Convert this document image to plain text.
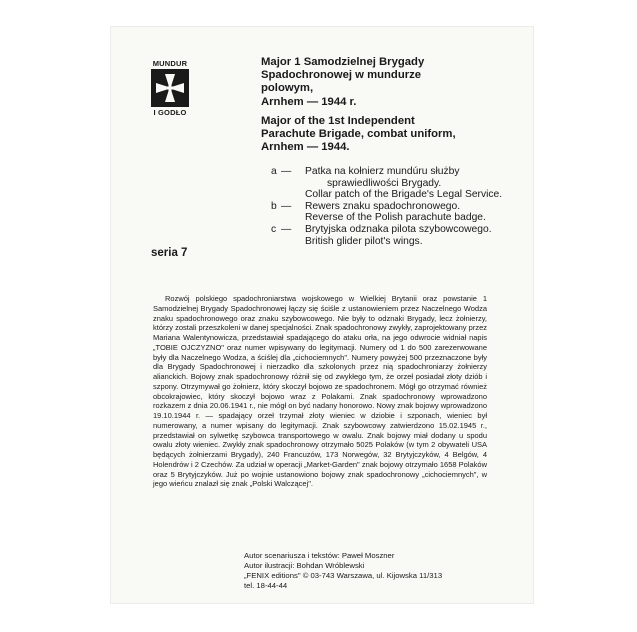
MUNDUR
I GODŁO
Major 1 Samodzielnej Brygady
Spadochronowej w mundurze
polowym,
Arnhem — 1944 r.
Major of the 1st Independent
Parachute Brigade, combat uniform,
Arnhem — 1944.
seria 7
a — Patka na kołnierz mundúru służby sprawiedliwości Brygady.
Collar patch of the Brigade's Legal Service.
b — Rewers znaku spadochronowego.
Reverse of the Polish parachute badge.
c — Brytyjska odznaka pilota szybowcowego.
British glider pilot's wings.

Rozwój polskiego spadochroniarstwa wojskowego w Wielkiej Brytanii oraz powstanie 1 Samodzielnej Brygady Spadochronowej łączy się ściśle z ustanowieniem przez Naczelnego Wodza znaku spadochronowego oraz znaku szybowcowego. Nie były to odznaki Brygady, lecz żołnierzy, którzy zostali przeszkoleni w danej specjalności. Znak spadochronowy zwykły, zaprojektowany przez Mariana Walentynowicza, przedstawiał spadającego do ataku orła, na jego odwrocie widniał napis „TOBIE OJCZYZNO" oraz numer wpisywany do legitymacji. Numery od 1 do 500 zarezerwowane były dla Naczelnego Wodza, a ściślej dla „cichociemnych". Numery powyżej 500 przeznaczone były dla Brygady Spadochronowej i nierzadko dla szkolonych przez nią spadochroniarzy żołnierzy alianckich. Bojowy znak spadochronowy różnił się od zwykłego tym, że orzeł posiadał złoty dziób i szpony. Otrzymywał go żołnierz, który skoczył bojowo ze spadochronem. Mógł go otrzymać również obcokrajowiec, który skoczył bojowo wraz z Polakami. Znak spadochronowy wprowadzono rozkazem z dnia 20.06.1941 r., nie mógł on być nadany honorowo. Nowy znak bojowy wprowadzono 19.10.1944 r. — spadający orzeł trzymał złoty wieniec w dziobie i szponach, wieniec był numerowany, a numer wpisany do legitymacji. Znak szybowcowy zatwierdzono 15.02.1945 r., przedstawiał on sylwetkę szybowca transportowego w owalu. Znak bojowy miał dodany u spodu owalu złoty wieniec. Zwykły znak spadochronowy otrzymało 5025 Polaków (w tym 2 obywateli USA będących żołnierzami Brygady), 240 Francuzów, 173 Norwegów, 32 Brytyjczyków, 4 Belgów, 4 Holendrów i 2 Czechów. Za udział w operacji „Market-Garden" znak bojowy otrzymało 1658 Polaków oraz 5 Brytyjczyków. Już po wojnie ustanowiono bojowy znak spadochronowy „cichociemnych", w jego wieńcu znalazł się znak „Polski Walczącej".

Autor scenariusza i tekstów: Paweł Moszner
Autor ilustracji: Bohdan Wróblewski
„FENIX editions" © 03-743 Warszawa, ul. Kijowska 11/313
tel. 18-44-44
